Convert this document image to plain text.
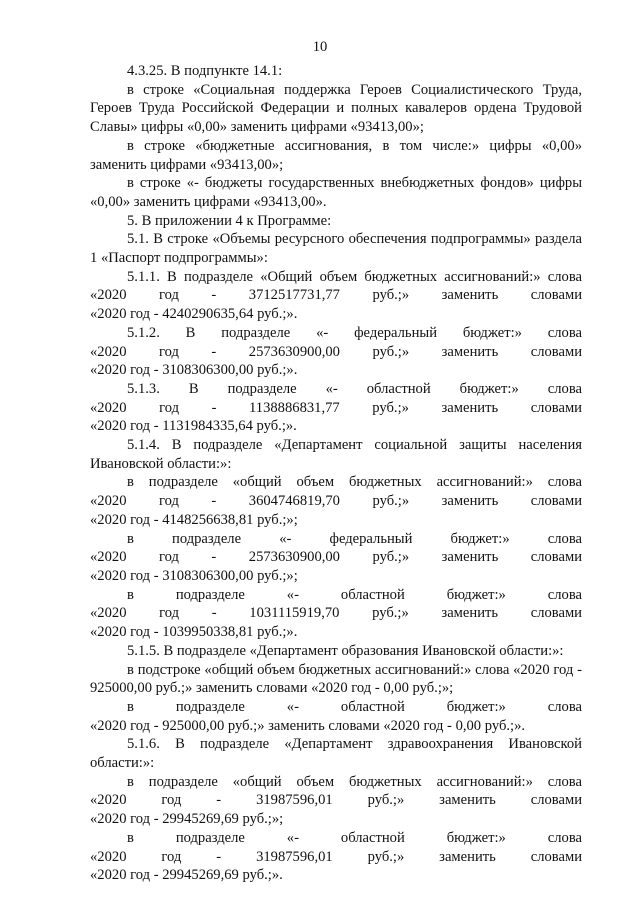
10

4.3.25. В подпункте 14.1:

в строке «Социальная поддержка Героев Социалистического Труда, Героев Труда Российской Федерации и полных кавалеров ордена Трудовой Славы» цифры «0,00» заменить цифрами «93413,00»;

в строке «бюджетные ассигнования, в том числе:» цифры «0,00» заменить цифрами «93413,00»;

в строке «- бюджеты государственных внебюджетных фондов» цифры «0,00» заменить цифрами «93413,00».

5. В приложении 4 к Программе:

5.1. В строке «Объемы ресурсного обеспечения подпрограммы» раздела 1 «Паспорт подпрограммы»:

5.1.1. В подразделе «Общий объем бюджетных ассигнований:» слова

«2020 год - 3712517731,77 руб.;» заменить словами

«2020 год - 4240290635,64 руб.;».

5.1.2. В подразделе «- федеральный бюджет:» слова

«2020 год - 2573630900,00 руб.;» заменить словами

«2020 год - 3108306300,00 руб.;».

5.1.3. В подразделе «- областной бюджет:» слова

«2020 год - 1138886831,77 руб.;» заменить словами

«2020 год - 1131984335,64 руб.;».

5.1.4. В подразделе «Департамент социальной защиты населения Ивановской области:»:

в подразделе «общий объем бюджетных ассигнований:» слова

«2020 год - 3604746819,70 руб.;» заменить словами

«2020 год - 4148256638,81 руб.;»;

в подразделе «- федеральный бюджет:» слова

«2020 год - 2573630900,00 руб.;» заменить словами

«2020 год - 3108306300,00 руб.;»;

в подразделе «- областной бюджет:» слова

«2020 год - 1031115919,70 руб.;» заменить словами

«2020 год - 1039950338,81 руб.;».

5.1.5. В подразделе «Департамент образования Ивановской области:»:

в подстроке «общий объем бюджетных ассигнований:» слова «2020 год - 925000,00 руб.;» заменить словами «2020 год - 0,00 руб.;»;

в подразделе «- областной бюджет:» слова

«2020 год - 925000,00 руб.;» заменить словами «2020 год - 0,00 руб.;».

5.1.6. В подразделе «Департамент здравоохранения Ивановской области:»:

в подразделе «общий объем бюджетных ассигнований:» слова

«2020 год - 31987596,01 руб.;» заменить словами

«2020 год - 29945269,69 руб.;»;

в подразделе «- областной бюджет:» слова

«2020 год - 31987596,01 руб.;» заменить словами

«2020 год - 29945269,69 руб.;».
